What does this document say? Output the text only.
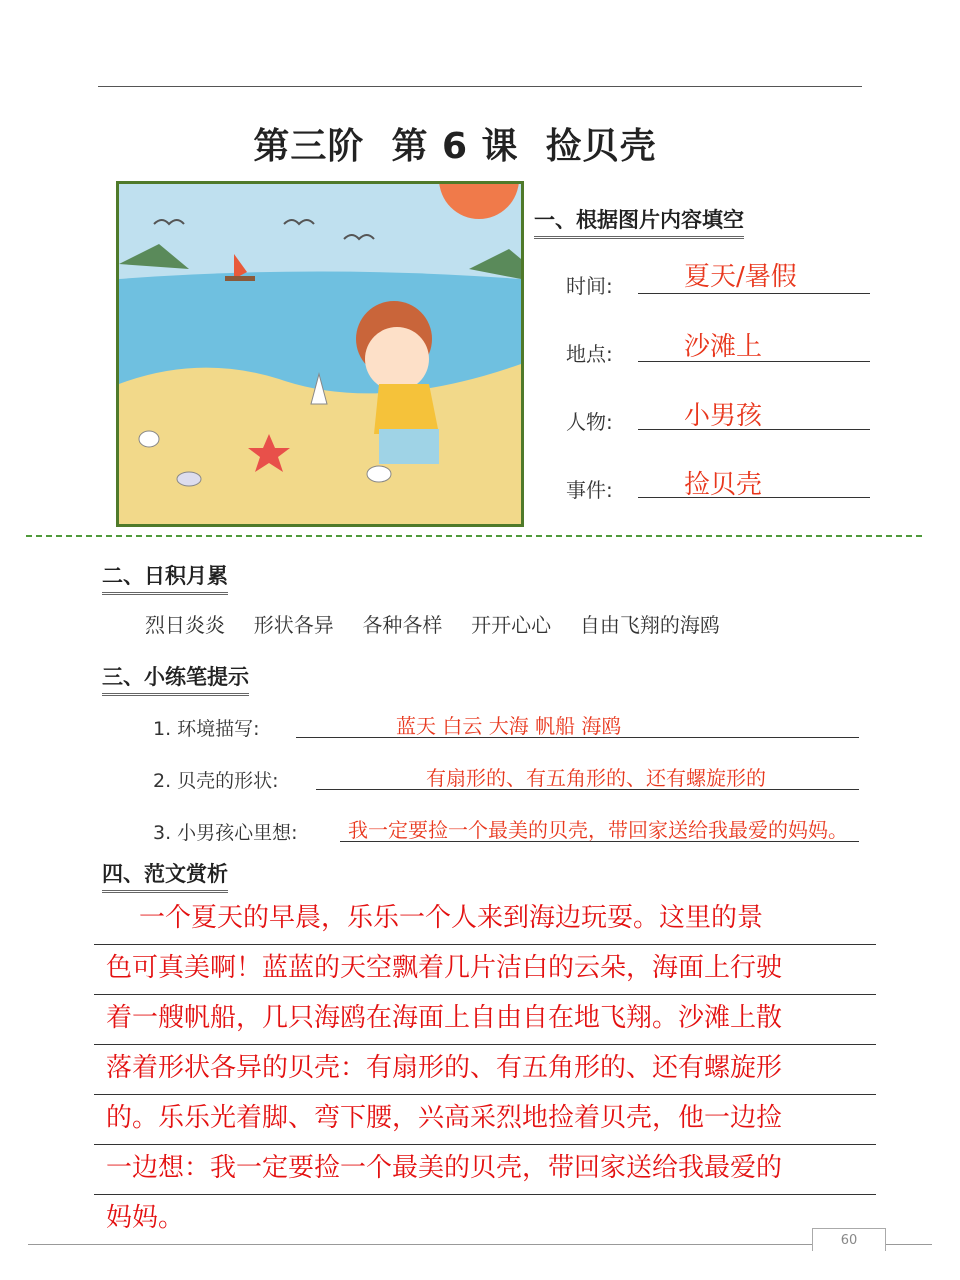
第三阶  第 6 课  捡贝壳
一、根据图片内容填空
时间:	夏天/暑假
地点:	沙滩上
人物:	小男孩
事件:	捡贝壳
二、日积月累
烈日炎炎  形状各异  各种各样  开开心心  自由飞翔的海鸥
三、小练笔提示
1. 环境描写:	蓝天 白云 大海 帆船 海鸥
2. 贝壳的形状:	有扇形的、有五角形的、还有螺旋形的
3. 小男孩心里想:	我一定要捡一个最美的贝壳，带回家送给我最爱的妈妈。
四、范文赏析
一个夏天的早晨，乐乐一个人来到海边玩耍。这里的景
色可真美啊！蓝蓝的天空飘着几片洁白的云朵，海面上行驶
着一艘帆船，几只海鸥在海面上自由自在地飞翔。沙滩上散
落着形状各异的贝壳：有扇形的、有五角形的、还有螺旋形
的。乐乐光着脚、弯下腰，兴高采烈地捡着贝壳，他一边捡
一边想：我一定要捡一个最美的贝壳，带回家送给我最爱的
妈妈。
60
